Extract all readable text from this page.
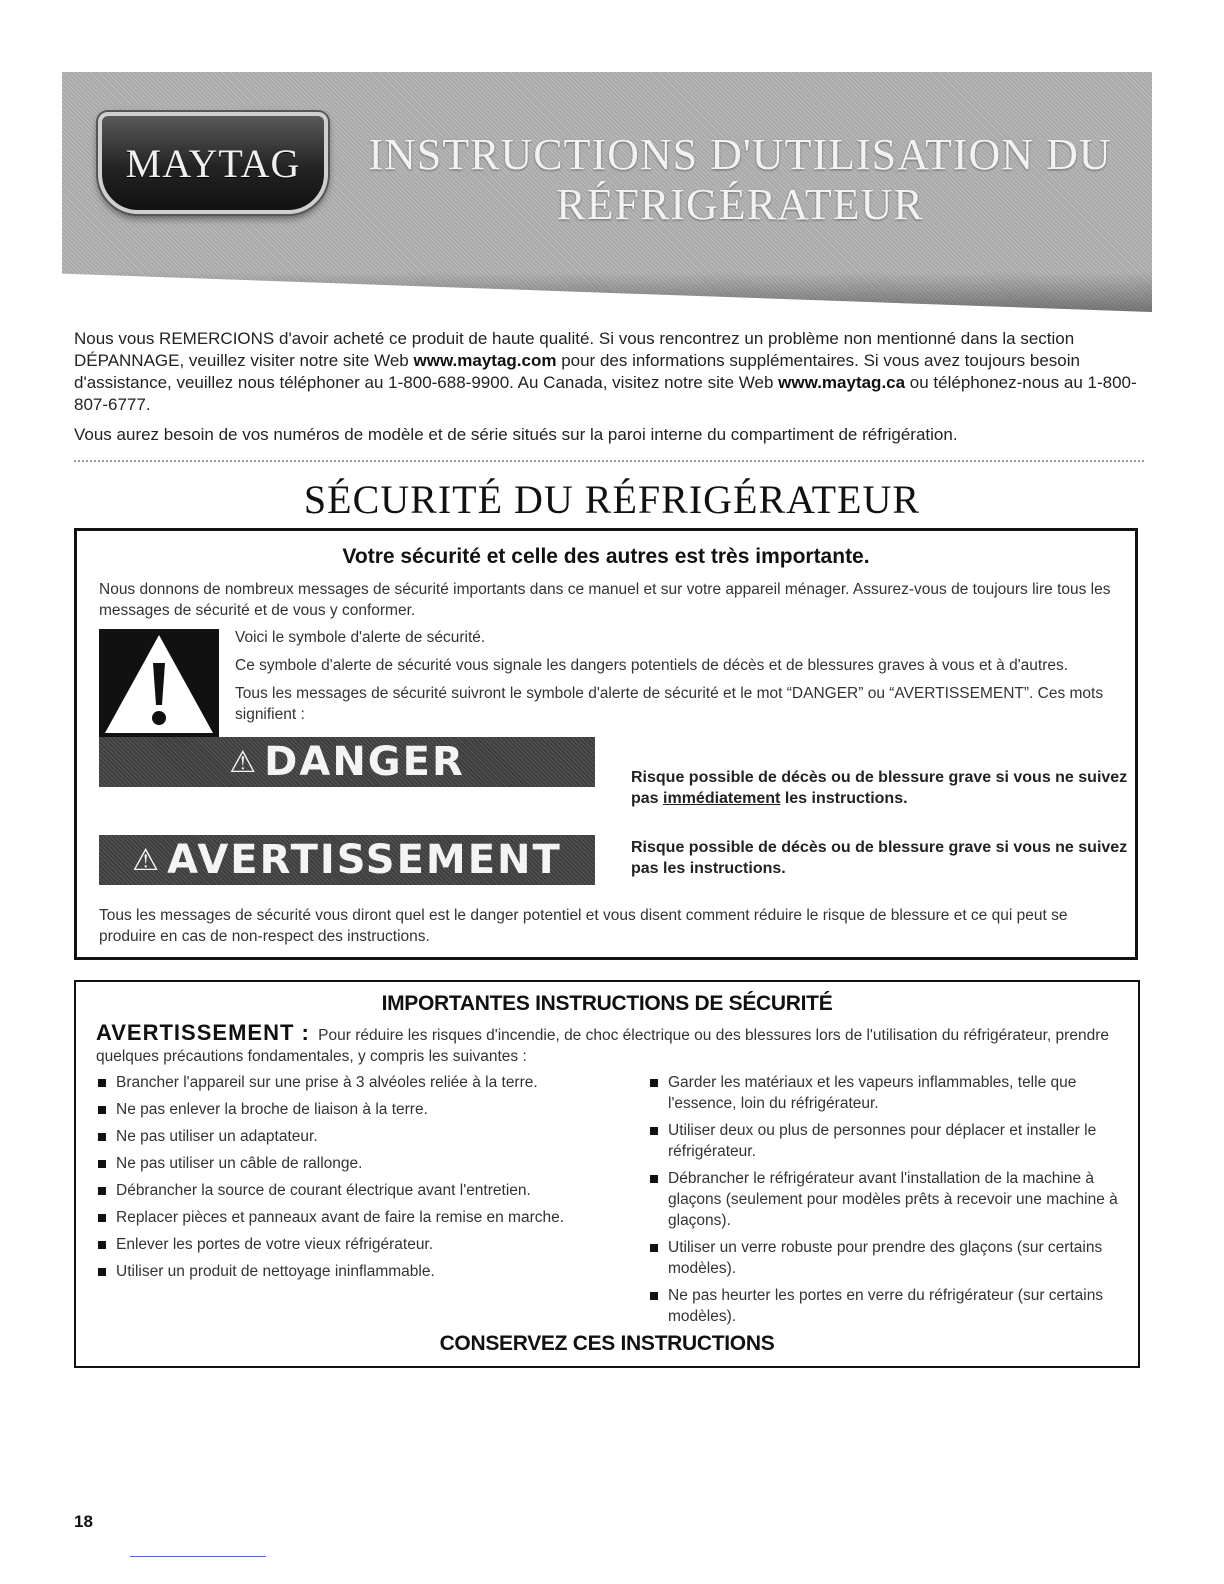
MAYTAG INSTRUCTIONS D'UTILISATION DU
RÉFRIGÉRATEUR

Nous vous REMERCIONS d'avoir acheté ce produit de haute qualité. Si vous rencontrez un problème non mentionné dans la section DÉPANNAGE, veuillez visiter notre site Web www.maytag.com pour des informations supplémentaires. Si vous avez toujours besoin d'assistance, veuillez nous téléphoner au 1-800-688-9900. Au Canada, visitez notre site Web www.maytag.ca ou téléphonez-nous au 1-800-807-6777.

Vous aurez besoin de vos numéros de modèle et de série situés sur la paroi interne du compartiment de réfrigération.

SÉCURITÉ DU RÉFRIGÉRATEUR
Votre sécurité et celle des autres est très importante.
Nous donnons de nombreux messages de sécurité importants dans ce manuel et sur votre appareil ménager. Assurez-vous de toujours lire tous les messages de sécurité et de vous y conformer.

Voici le symbole d'alerte de sécurité.

Ce symbole d'alerte de sécurité vous signale les dangers potentiels de décès et de blessures graves à vous et à d'autres.

Tous les messages de sécurité suivront le symbole d'alerte de sécurité et le mot “DANGER” ou “AVERTISSEMENT”. Ces mots signifient :

⚠ DANGER	Risque possible de décès ou de blessure grave si vous ne suivez pas immédiatement les instructions.
⚠ AVERTISSEMENT	Risque possible de décès ou de blessure grave si vous ne suivez pas les instructions.
Tous les messages de sécurité vous diront quel est le danger potentiel et vous disent comment réduire le risque de blessure et ce qui peut se produire en cas de non-respect des instructions.
IMPORTANTES INSTRUCTIONS DE SÉCURITÉ
AVERTISSEMENT : Pour réduire les risques d'incendie, de choc électrique ou des blessures lors de l'utilisation du réfrigérateur, prendre quelques précautions fondamentales, y compris les suivantes :
Brancher l'appareil sur une prise à 3 alvéoles reliée à la terre.
Ne pas enlever la broche de liaison à la terre.
Ne pas utiliser un adaptateur.
Ne pas utiliser un câble de rallonge.
Débrancher la source de courant électrique avant l'entretien.
Replacer pièces et panneaux avant de faire la remise en marche.
Enlever les portes de votre vieux réfrigérateur.
Utiliser un produit de nettoyage ininflammable.
Garder les matériaux et les vapeurs inflammables, telle que l'essence, loin du réfrigérateur.
Utiliser deux ou plus de personnes pour déplacer et installer le réfrigérateur.
Débrancher le réfrigérateur avant l'installation de la machine à glaçons (seulement pour modèles prêts à recevoir une machine à glaçons).
Utiliser un verre robuste pour prendre des glaçons (sur certains modèles).
Ne pas heurter les portes en verre du réfrigérateur (sur certains modèles).
CONSERVEZ CES INSTRUCTIONS
18
